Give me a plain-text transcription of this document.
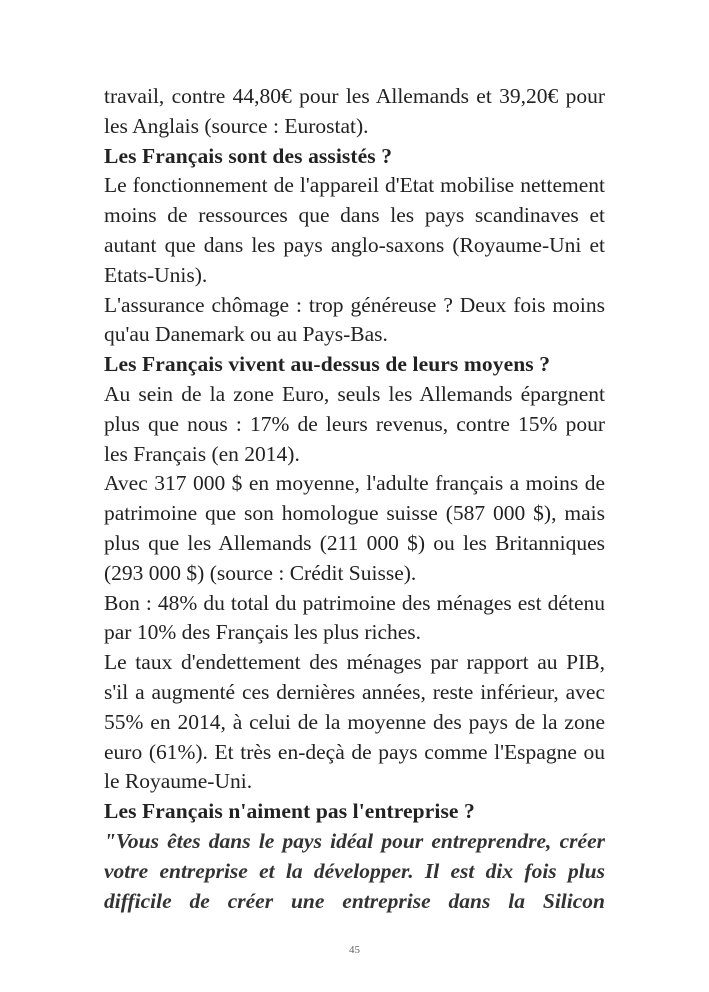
travail, contre 44,80€ pour les Allemands et 39,20€ pour les Anglais (source : Eurostat).

Les Français sont des assistés ?

Le fonctionnement de l'appareil d'Etat mobilise nettement moins de ressources que dans les pays scandinaves et autant que dans les pays anglo-saxons (Royaume-Uni et Etats-Unis).

L'assurance chômage : trop généreuse ? Deux fois moins qu'au Danemark ou au Pays-Bas.

Les Français vivent au-dessus de leurs moyens ?

Au sein de la zone Euro, seuls les Allemands épargnent plus que nous : 17% de leurs revenus, contre 15% pour les Français (en 2014).

Avec 317 000 $ en moyenne, l'adulte français a moins de patrimoine que son homologue suisse (587 000 $), mais plus que les Allemands (211 000 $) ou les Britanniques (293 000 $) (source : Crédit Suisse).

Bon : 48% du total du patrimoine des ménages est détenu par 10% des Français les plus riches.

Le taux d'endettement des ménages par rapport au PIB, s'il a augmenté ces dernières années, reste inférieur, avec 55% en 2014, à celui de la moyenne des pays de la zone euro (61%). Et très en-deçà de pays comme l'Espagne ou le Royaume-Uni.

Les Français n'aiment pas l'entreprise ?

"Vous êtes dans le pays idéal pour entreprendre, créer votre entreprise et la développer. Il est dix fois plus difficile de créer une entreprise dans la Silicon

45
